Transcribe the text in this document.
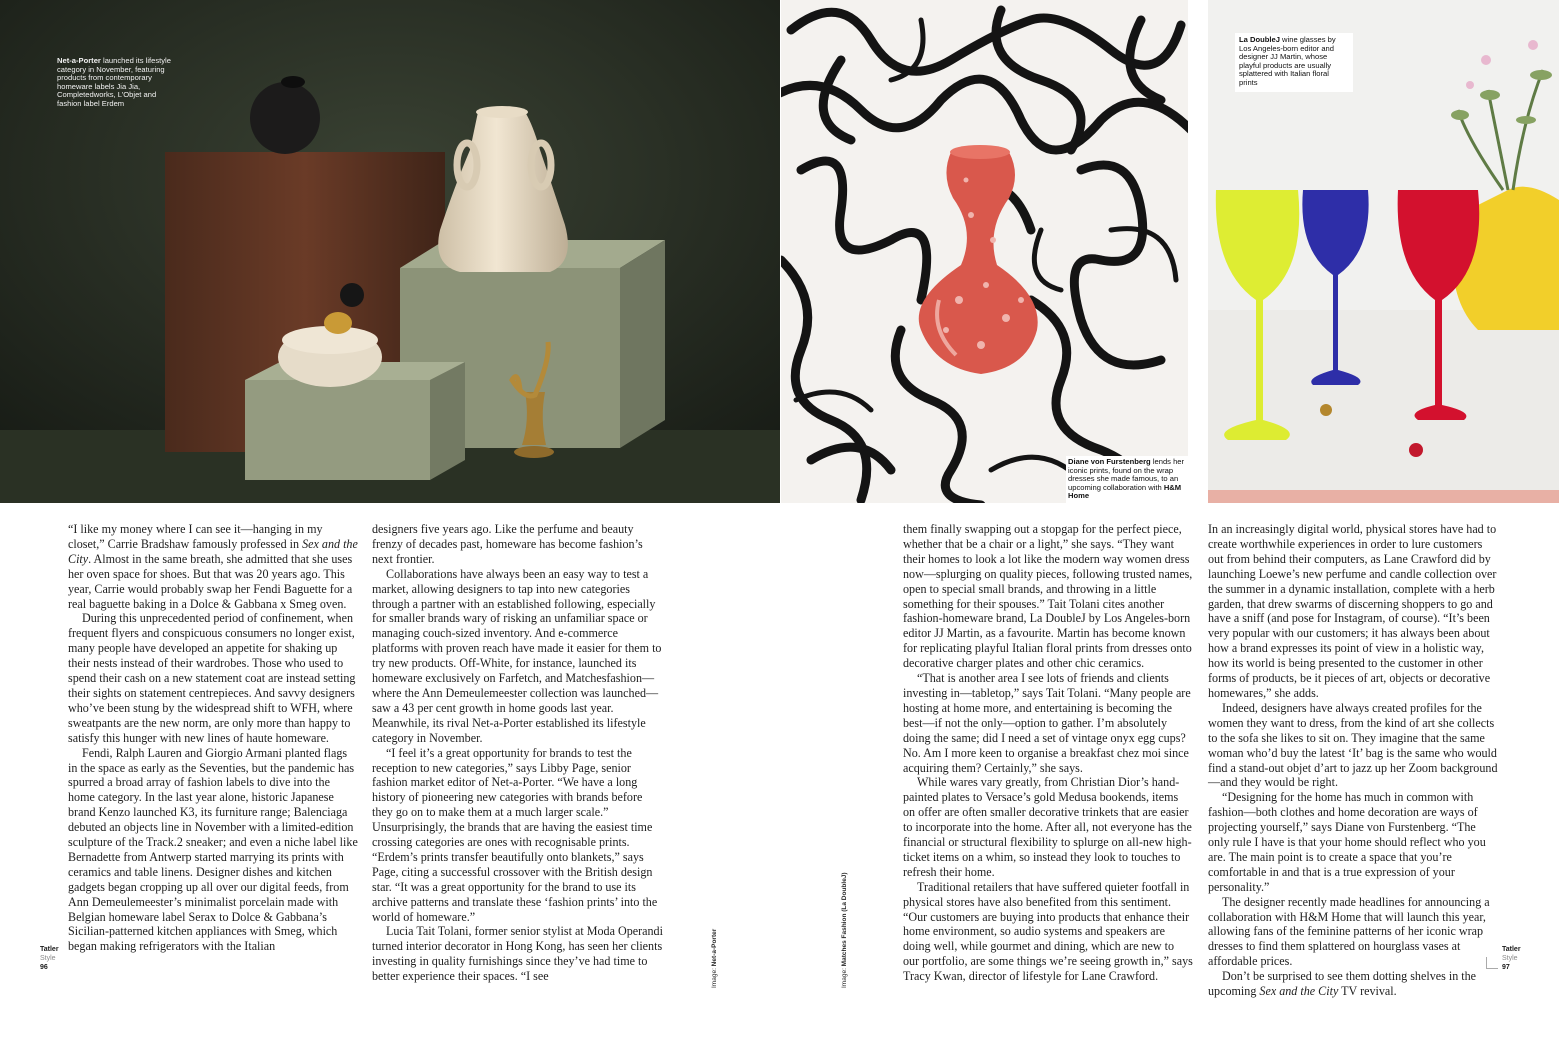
Net-a-Porter launched its lifestyle category in November, featuring products from contemporary homeware labels Jia Jia, Completedworks, L’Objet and fashion label Erdem
Diane von Furstenberg lends her iconic prints, found on the wrap dresses she made famous, to an upcoming collaboration with H&M Home
La DoubleJ wine glasses by Los Angeles-born editor and designer JJ Martin, whose playful products are usually splattered with Italian floral prints

“I like my money where I can see it—hanging in my closet,” Carrie Bradshaw famously professed in Sex and the City. Almost in the same breath, she admitted that she uses her oven space for shoes. But that was 20 years ago. This year, Carrie would probably swap her Fendi Baguette for a real baguette baking in a Dolce & Gabbana x Smeg oven.

During this unprecedented period of confinement, when frequent flyers and conspicuous consumers no longer exist, many people have developed an appetite for shaking up their nests instead of their wardrobes. Those who used to spend their cash on a new statement coat are instead setting their sights on statement centrepieces. And savvy designers who’ve been stung by the widespread shift to WFH, where sweatpants are the new norm, are only more than happy to satisfy this hunger with new lines of haute homeware.

Fendi, Ralph Lauren and Giorgio Armani planted flags in the space as early as the Seventies, but the pandemic has spurred a broad array of fashion labels to dive into the home category. In the last year alone, historic Japanese brand Kenzo launched K3, its furniture range; Balenciaga debuted an objects line in November with a limited-edition sculpture of the Track.2 sneaker; and even a niche label like Bernadette from Antwerp started marrying its prints with ceramics and table linens. Designer dishes and kitchen gadgets began cropping up all over our digital feeds, from Ann Demeulemeester’s minimalist porcelain made with Belgian homeware label Serax to Dolce & Gabbana’s Sicilian-patterned kitchen appliances with Smeg, which began making refrigerators with the Italian

designers five years ago. Like the perfume and beauty frenzy of decades past, homeware has become fashion’s next frontier.

Collaborations have always been an easy way to test a market, allowing designers to tap into new categories through a partner with an established following, especially for smaller brands wary of risking an unfamiliar space or managing couch-sized inventory. And e-commerce platforms with proven reach have made it easier for them to try new products. Off-White, for instance, launched its homeware exclusively on Farfetch, and Matchesfashion—where the Ann Demeulemeester collection was launched—saw a 43 per cent growth in home goods last year. Meanwhile, its rival Net-a-Porter established its lifestyle category in November.

“I feel it’s a great opportunity for brands to test the reception to new categories,” says Libby Page, senior fashion market editor of Net-a-Porter. “We have a long history of pioneering new categories with brands before they go on to make them at a much larger scale.” Unsurprisingly, the brands that are having the easiest time crossing categories are ones with recognisable prints. “Erdem’s prints transfer beautifully onto blankets,” says Page, citing a successful crossover with the British design star. “It was a great opportunity for the brand to use its archive patterns and translate these ‘fashion prints’ into the world of homeware.”

Lucia Tait Tolani, former senior stylist at Moda Operandi turned interior decorator in Hong Kong, has seen her clients investing in quality furnishings since they’ve had time to better experience their spaces. “I see

them finally swapping out a stopgap for the perfect piece, whether that be a chair or a light,” she says. “They want their homes to look a lot like the modern way women dress now—splurging on quality pieces, following trusted names, open to special small brands, and throwing in a little something for their spouses.” Tait Tolani cites another fashion-homeware brand, La DoubleJ by Los Angeles-born editor JJ Martin, as a favourite. Martin has become known for replicating playful Italian floral prints from dresses onto decorative charger plates and other chic ceramics.

“That is another area I see lots of friends and clients investing in—tabletop,” says Tait Tolani. “Many people are hosting at home more, and entertaining is becoming the best—if not the only—option to gather. I’m absolutely doing the same; did I need a set of vintage onyx egg cups? No. Am I more keen to organise a breakfast chez moi since acquiring them? Certainly,” she says.

While wares vary greatly, from Christian Dior’s hand-painted plates to Versace’s gold Medusa bookends, items on offer are often smaller decorative trinkets that are easier to incorporate into the home. After all, not everyone has the financial or structural flexibility to splurge on all-new high-ticket items on a whim, so instead they look to touches to refresh their home.

Traditional retailers that have suffered quieter footfall in physical stores have also benefited from this sentiment. “Our customers are buying into products that enhance their home environment, so audio systems and speakers are doing well, while gourmet and dining, which are new to our portfolio, are some things we’re seeing growth in,” says Tracy Kwan, director of lifestyle for Lane Crawford.

In an increasingly digital world, physical stores have had to create worthwhile experiences in order to lure customers out from behind their computers, as Lane Crawford did by launching Loewe’s new perfume and candle collection over the summer in a dynamic installation, complete with a herb garden, that drew swarms of discerning shoppers to go and have a sniff (and pose for Instagram, of course). “It’s been very popular with our customers; it has always been about how a brand expresses its point of view in a holistic way, how its world is being presented to the customer in other forms of products, be it pieces of art, objects or decorative homewares,” she adds.

Indeed, designers have always created profiles for the women they want to dress, from the kind of art she collects to the sofa she likes to sit on. They imagine that the same woman who’d buy the latest ‘It’ bag is the same who would find a stand-out objet d’art to jazz up her Zoom background—and they would be right.

“Designing for the home has much in common with fashion—both clothes and home decoration are ways of projecting yourself,” says Diane von Furstenberg. “The only rule I have is that your home should reflect who you are. The main point is to create a space that you’re comfortable in and that is a true expression of your personality.”

The designer recently made headlines for announcing a collaboration with H&M Home that will launch this year, allowing fans of the feminine patterns of her iconic wrap dresses to find them splattered on hourglass vases at affordable prices.

Don’t be surprised to see them dotting shelves in the upcoming Sex and the City TV revival.

Tatler
Style
96
Tatler
Style
97
Image: Net-a-Porter
Image: Matches Fashion (La DoubleJ)
